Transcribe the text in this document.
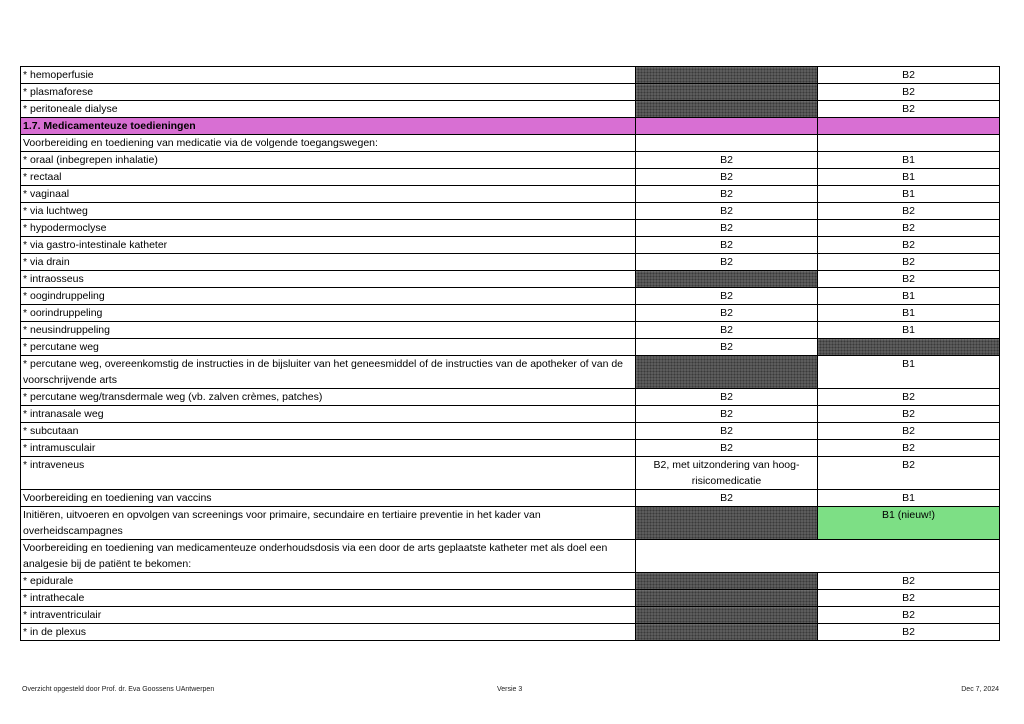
* hemoperfusie		B2
* plasmaforese		B2
* peritoneale dialyse		B2
1.7. Medicamenteuze toedieningen		
Voorbereiding en toediening van medicatie via de volgende toegangswegen:		
* oraal (inbegrepen inhalatie)	B2	B1
* rectaal	B2	B1
* vaginaal	B2	B1
* via luchtweg	B2	B2
* hypodermoclyse	B2	B2
* via gastro-intestinale katheter	B2	B2
* via drain	B2	B2
* intraosseus		B2
* oogindruppeling	B2	B1
* oorindruppeling	B2	B1
* neusindruppeling	B2	B1
* percutane weg	B2	
* percutane weg, overeenkomstig de instructies in de bijsluiter van het geneesmiddel of de instructies van de apotheker of van de voorschrijvende arts		B1
* percutane weg/transdermale weg (vb. zalven crèmes, patches)	B2	B2
* intranasale weg	B2	B2
* subcutaan	B2	B2
* intramusculair	B2	B2
* intraveneus	B2, met uitzondering van hoog-risicomedicatie	B2
Voorbereiding en toediening van vaccins	B2	B1
Initiëren, uitvoeren en opvolgen van screenings voor primaire, secundaire en tertiaire preventie in het kader van overheidscampagnes		B1 (nieuw!)
Voorbereiding en toediening van medicamenteuze onderhoudsdosis via een door de arts geplaatste katheter met als doel een analgesie bij de patiënt te bekomen:		
* epidurale		B2
* intrathecale		B2
* intraventriculair		B2
* in de plexus		B2
Overzicht opgesteld door Prof. dr. Eva Goossens UAntwerpen	Versie 3	Dec 7, 2024
